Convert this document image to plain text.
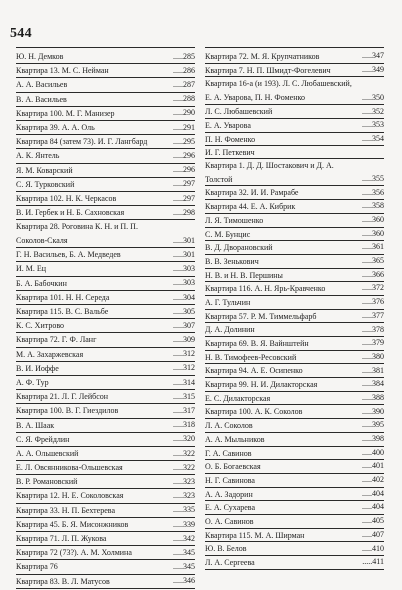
544
Ю. Н. Демков	.....285
Квартира 13. М. С. Нейман	.....286
А. А. Васильев	.....287
В. А. Васильев	.....288
Квартира 100. М. Г. Манизер	.....290
Квартира 39. А. А. Оль	.....291
Квартира 84 (затем 73). И. Г. Лангбард	.....295
А. К. Янтель	.....296
Я. М. Коварский	.....296
С. Я. Турковский	.....297
Квартира 102. Н. К. Черкасов	.....297
В. И. Гербек и Н. Б. Сахновская	.....298
Квартира 28. Роговина К. Н. и П. П. Соколов-Скаля	.....301
Г. Н. Васильев, Б. А. Медведев	.....301
И. М. Ец	.....303
Б. А. Бабочкин	.....303
Квартира 101. Н. Н. Середа	.....304
Квартира 115. В. С. Вальбе	.....305
К. С. Хитрово	.....307
Квартира 72. Г. Ф. Ланг	.....309
М. А. Захаржевская	.....312
В. И. Иоффе	.....312
А. Ф. Тур	.....314
Квартира 21. Л. Г. Лейбсон	.....315
Квартира 100. В. Г. Гиездилов	.....317
В. А. Шаак	.....318
С. Я. Фрейдлин	.....320
А. А. Ольшевский	.....322
Е. Л. Овсянникова-Ольшевская	.....322
В. Р. Романовский	.....323
Квартира 12. Н. Е. Соколовская	.....323
Квартира 33. Н. П. Бехтерева	.....335
Квартира 45. Б. Я. Мисонжников	.....339
Квартира 71. Л. П. Жукова	.....342
Квартира 72 (73?). А. М. Холмина	.....345
Квартира 76	.....345
Квартира 83. В. Л. Матусов	.....346
Квартира 72. М. Я. Крупчатников	.....347
Квартира 7. Н. П. Шмидт-Фогелевич	.....349
Квартира 16-а (и 193). Л. С. Любашевский, Е. А. Уварова, П. Н. Фоменко	.....350
Л. С. Любашевский	.....352
Е. А. Уварова	.....353
П. Н. Фоменко	.....354
И. Г. Петкевич
Квартира 1. Д. Д. Шостакович и Д. А. Толстой	.....355
Квартира 32. И. И. Рамрабе	.....356
Квартира 44. Е. А. Кибрик	.....358
Л. Я. Тимошенко	.....360
С. М. Бунцис	.....360
В. Д. Дворановский	.....361
В. В. Зенькович	.....365
Н. В. и Н. В. Першины	.....366
Квартира 116. А. Н. Ярь-Кравченко	.....372
А. Г. Тульчин	.....376
Квартира 57. Р. М. Тиммельфарб	.....377
Д. А. Долинин	.....378
Квартира 69. В. Я. Вайнштейн	.....379
Н. В. Тимофеев-Ресовский	.....380
Квартира 94. А. Е. Осипенко	.....381
Квартира 99. Н. И. Дилакторская	.....384
Е. С. Дилакторская	.....388
Квартира 100. А. К. Соколов	.....390
Л. А. Соколов	.....395
А. А. Мыльников	.....398
Г. А. Савинов	.....400
О. Б. Богаевская	.....401
Н. Г. Савинова	.....402
А. А. Задорин	.....404
Е. А. Сухарева	.....404
О. А. Савинов	.....405
Квартира 115. М. А. Ширман	.....407
Ю. В. Белов	.....410
Л. А. Сергеева	.....411
